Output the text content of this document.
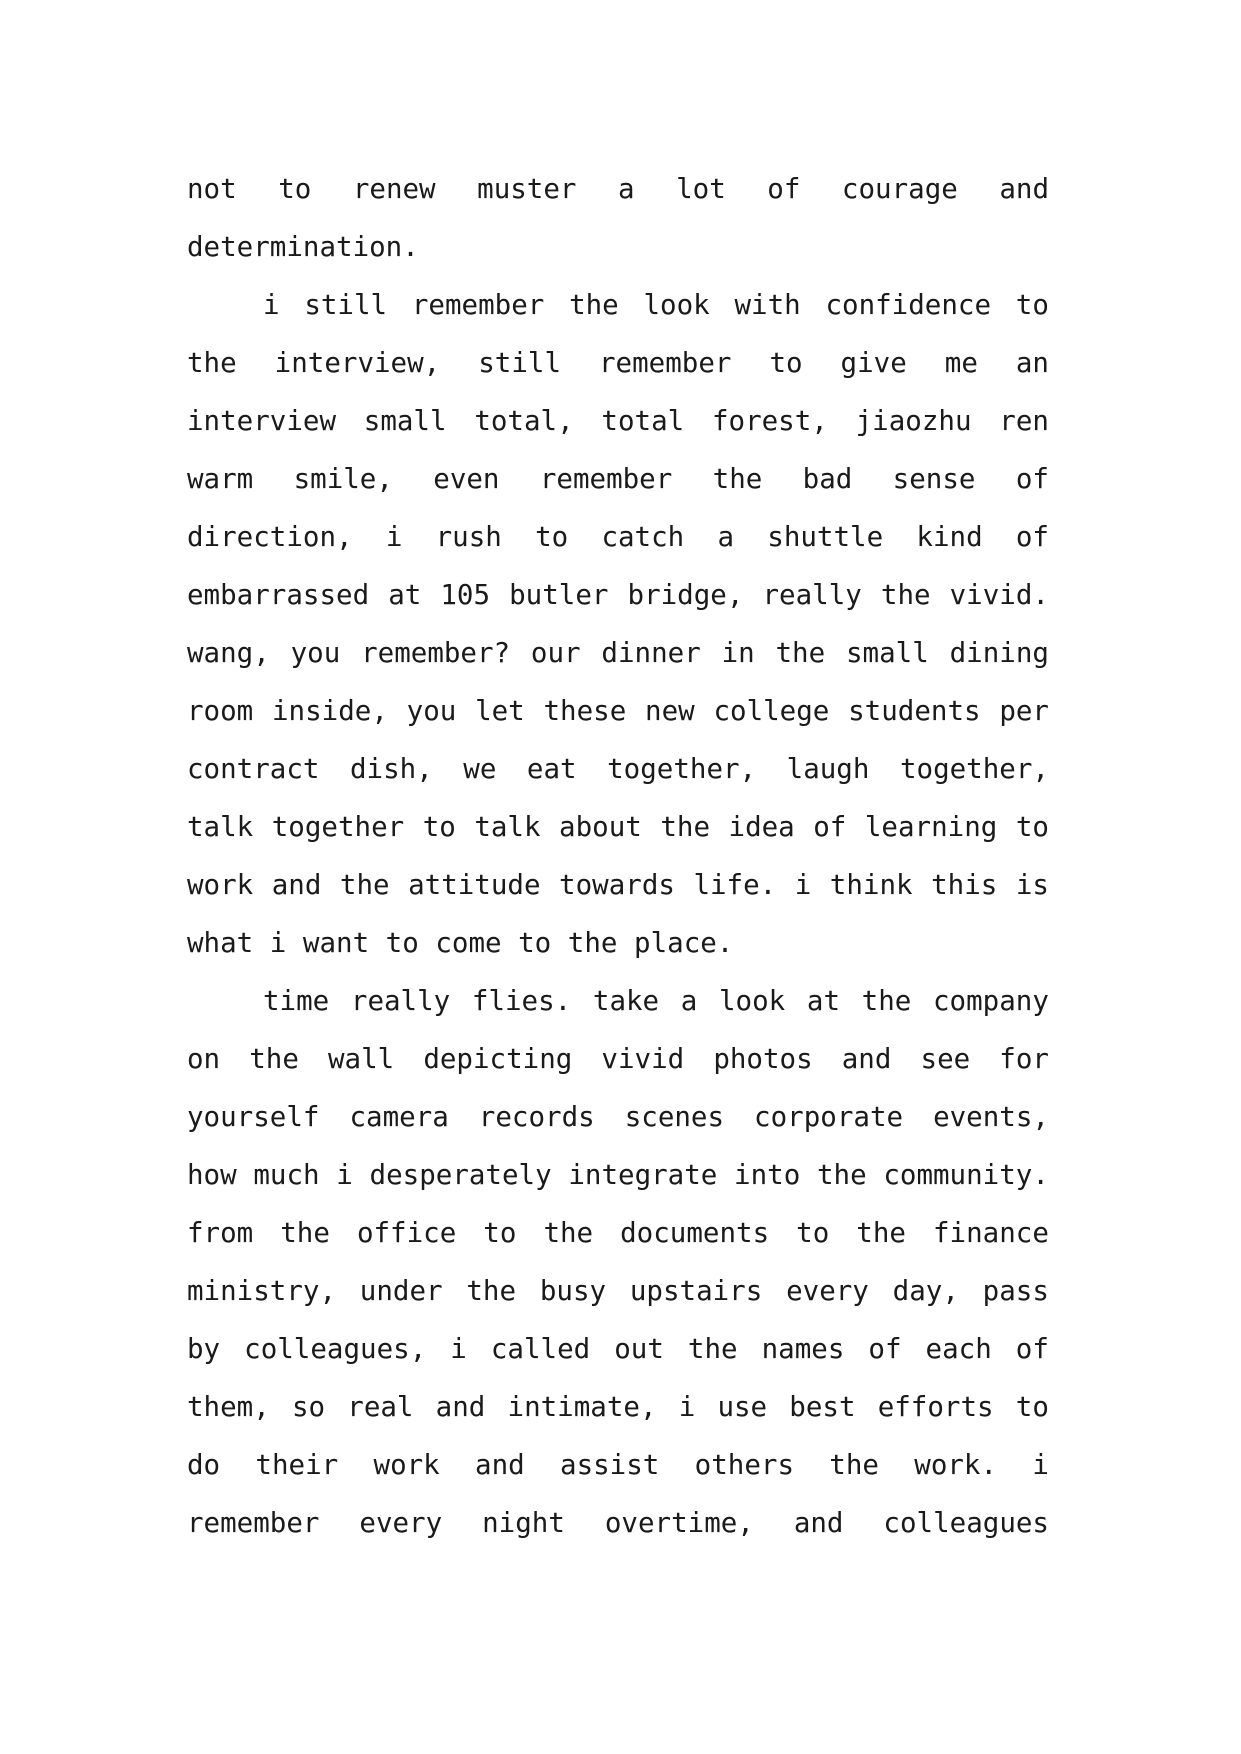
not to renew muster a lot of courage and
determination.
i still remember the look with confidence to
the interview, still remember to give me an
interview small total, total forest, jiaozhu ren
warm smile, even remember the bad sense of
direction, i rush to catch a shuttle kind of
embarrassed at 105 butler bridge, really the vivid.
wang, you remember? our dinner in the small dining
room inside, you let these new college students per
contract dish, we eat together, laugh together,
talk together to talk about the idea of learning to
work and the attitude towards life. i think this is
what i want to come to the place.
time really flies. take a look at the company
on the wall depicting vivid photos and see for
yourself camera records scenes corporate events,
how much i desperately integrate into the community.
from the office to the documents to the finance
ministry, under the busy upstairs every day, pass
by colleagues, i called out the names of each of
them, so real and intimate, i use best efforts to
do their work and assist others the work. i
remember every night overtime, and colleagues
